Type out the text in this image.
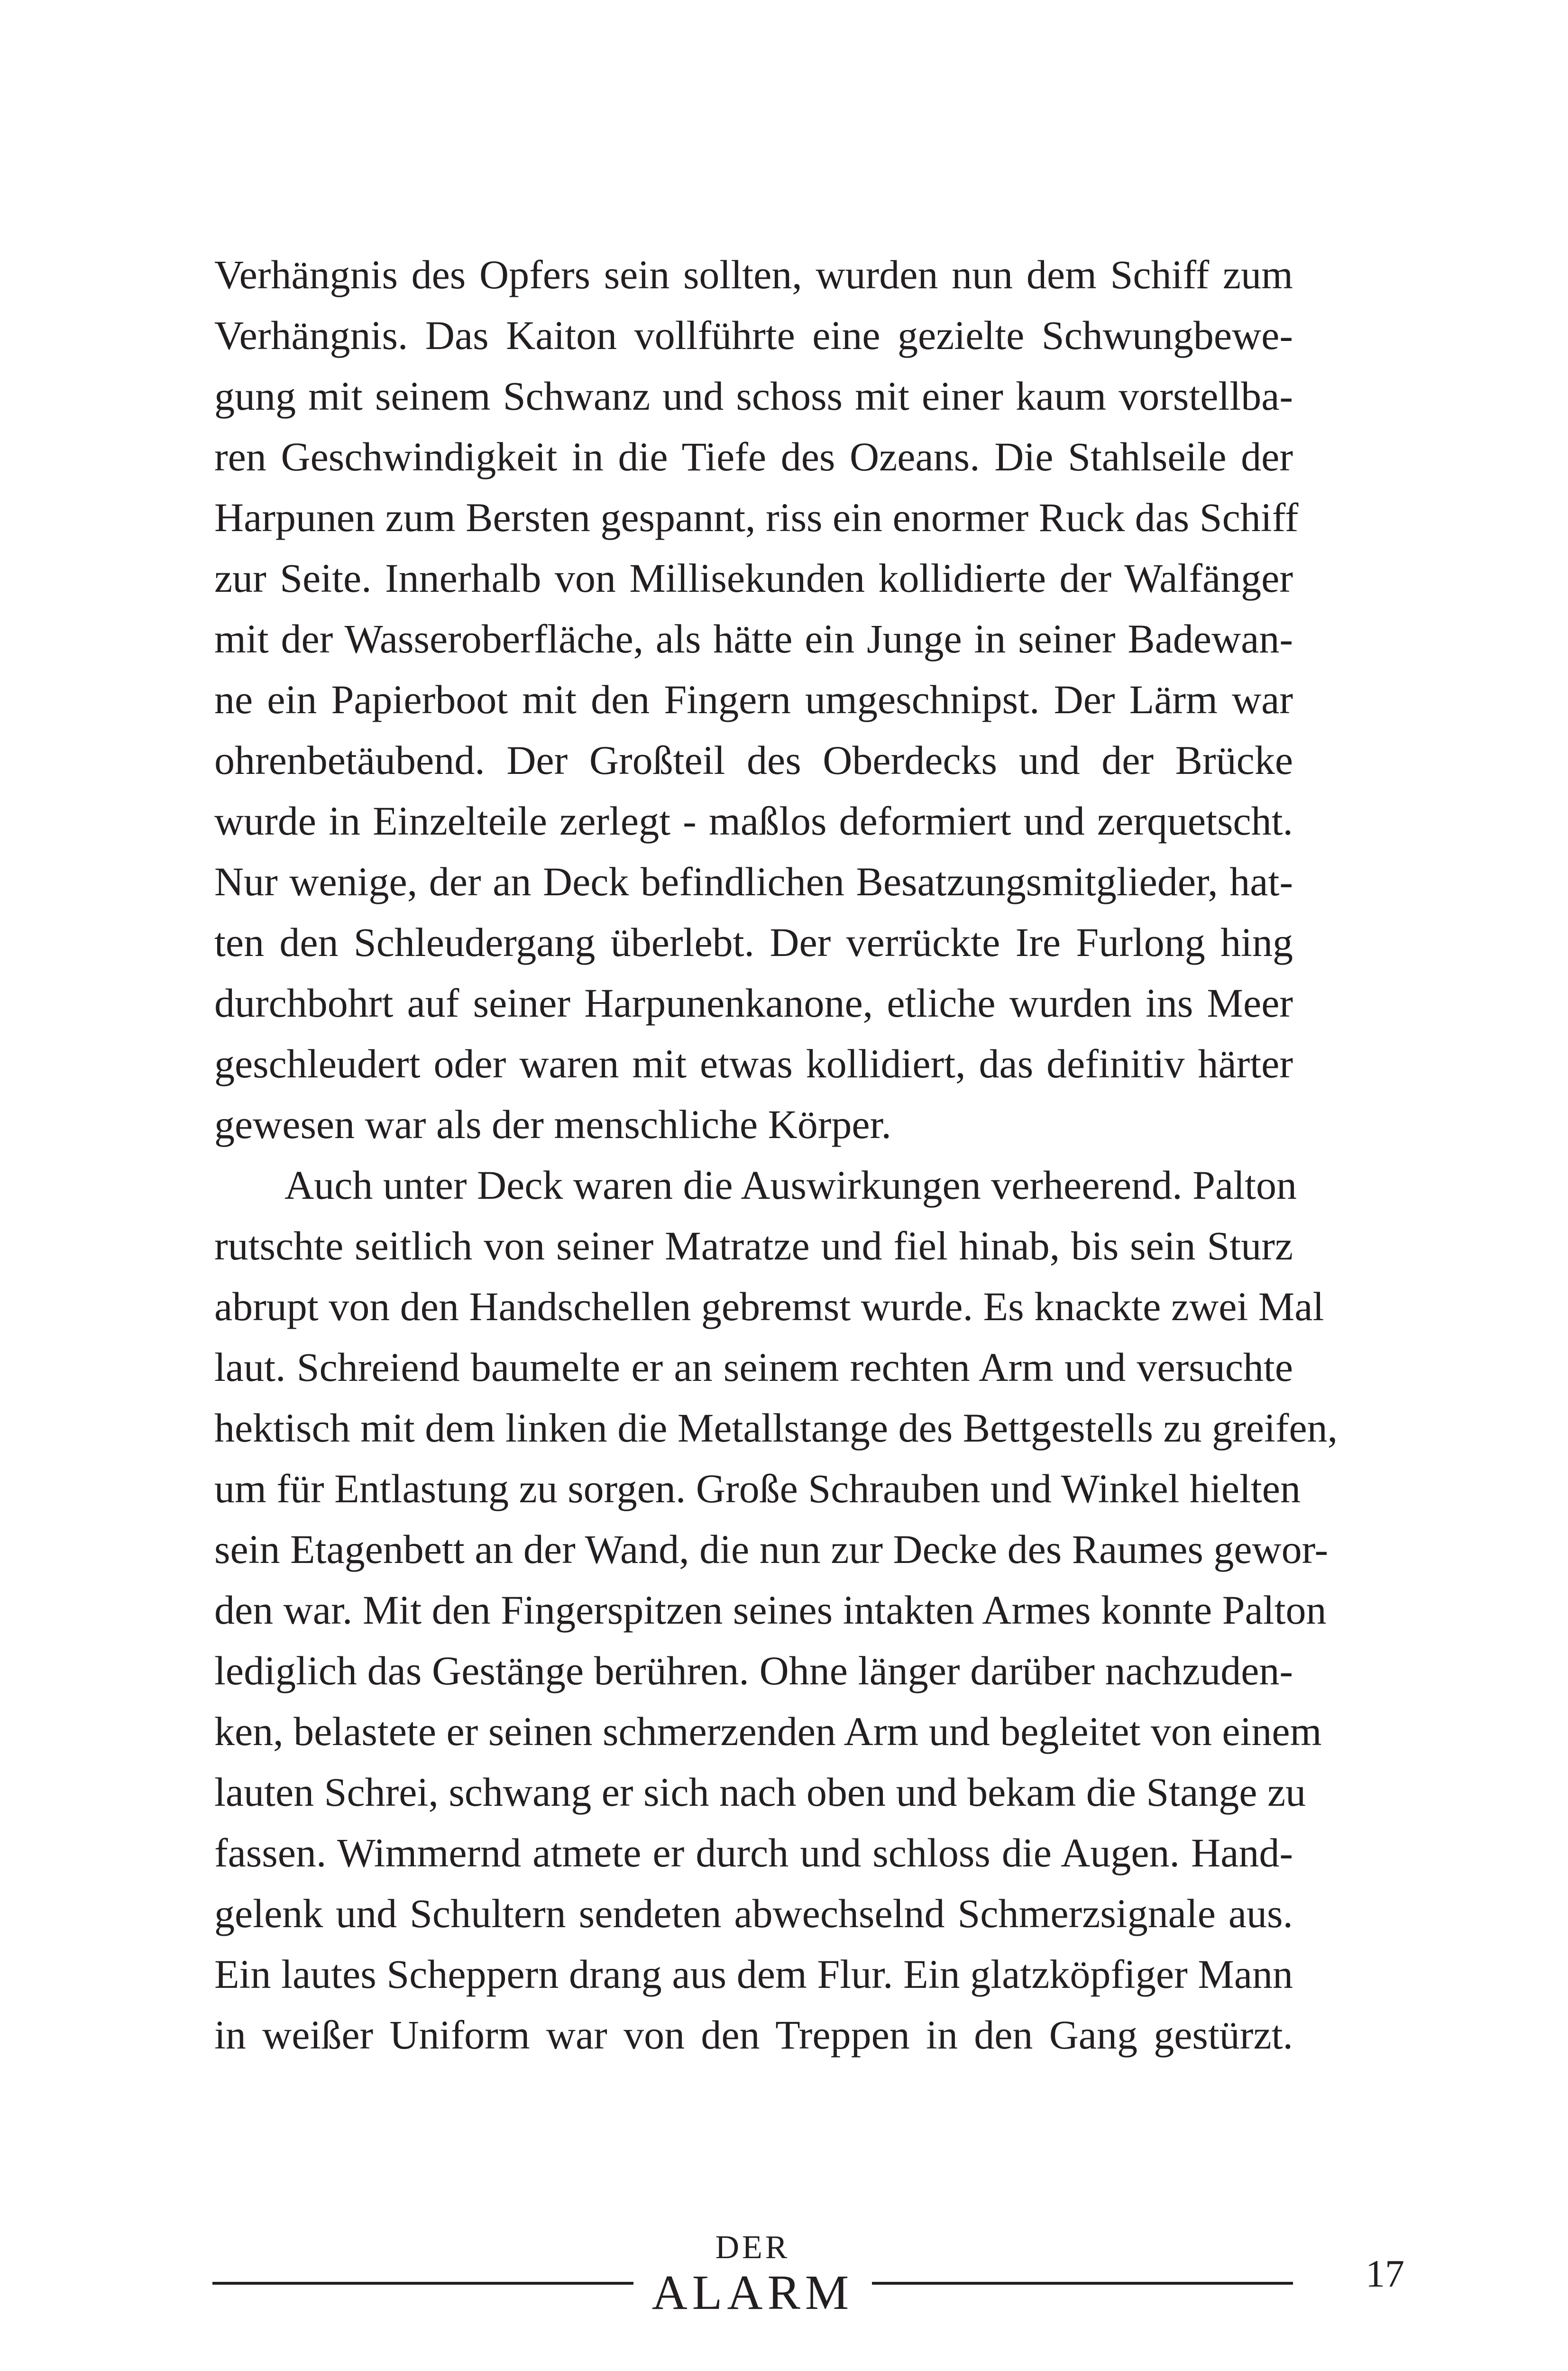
Verhängnis des Opfers sein sollten, wurden nun dem Schiff zum
Verhängnis. Das Kaiton vollführte eine gezielte Schwungbewe-
gung mit seinem Schwanz und schoss mit einer kaum vorstellba-
ren Geschwindigkeit in die Tiefe des Ozeans. Die Stahlseile der
Harpunen zum Bersten gespannt, riss ein enormer Ruck das Schiff
zur Seite. Innerhalb von Millisekunden kollidierte der Walfänger
mit der Wasseroberfläche, als hätte ein Junge in seiner Badewan-
ne ein Papierboot mit den Fingern umgeschnipst. Der Lärm war
ohrenbetäubend. Der Großteil des Oberdecks und der Brücke
wurde in Einzelteile zerlegt - maßlos deformiert und zerquetscht.
Nur wenige, der an Deck befindlichen Besatzungsmitglieder, hat-
ten den Schleudergang überlebt. Der verrückte Ire Furlong hing
durchbohrt auf seiner Harpunenkanone, etliche wurden ins Meer
geschleudert oder waren mit etwas kollidiert, das definitiv härter
gewesen war als der menschliche Körper.
Auch unter Deck waren die Auswirkungen verheerend. Palton
rutschte seitlich von seiner Matratze und fiel hinab, bis sein Sturz
abrupt von den Handschellen gebremst wurde. Es knackte zwei Mal
laut. Schreiend baumelte er an seinem rechten Arm und versuchte
hektisch mit dem linken die Metallstange des Bettgestells zu greifen,
um für Entlastung zu sorgen. Große Schrauben und Winkel hielten
sein Etagenbett an der Wand, die nun zur Decke des Raumes gewor-
den war. Mit den Fingerspitzen seines intakten Armes konnte Palton
lediglich das Gestänge berühren. Ohne länger darüber nachzuden-
ken, belastete er seinen schmerzenden Arm und begleitet von einem
lauten Schrei, schwang er sich nach oben und bekam die Stange zu
fassen. Wimmernd atmete er durch und schloss die Augen. Hand-
gelenk und Schultern sendeten abwechselnd Schmerzsignale aus.
Ein lautes Scheppern drang aus dem Flur. Ein glatzköpfiger Mann
in weißer Uniform war von den Treppen in den Gang gestürzt.
DER
ALARM	17
